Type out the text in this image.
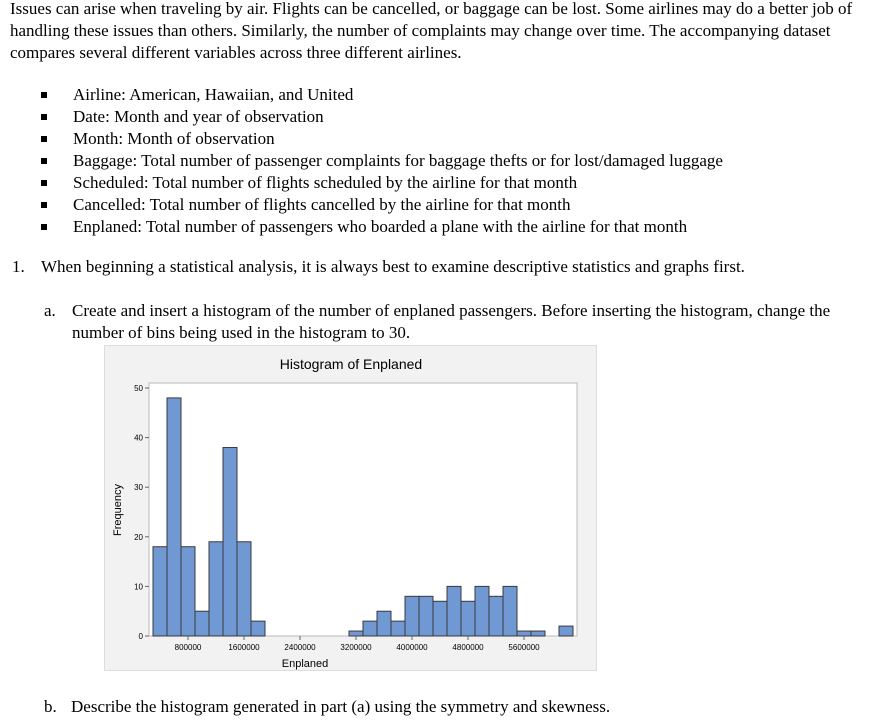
Issues can arise when traveling by air. Flights can be cancelled, or baggage can be lost. Some airlines may do a better job of handling these issues than others. Similarly, the number of complaints may change over time. The accompanying dataset compares several different variables across three different airlines.
Airline: American, Hawaiian, and United
Date: Month and year of observation
Month: Month of observation
Baggage: Total number of passenger complaints for baggage thefts or for lost/damaged luggage
Scheduled: Total number of flights scheduled by the airline for that month
Cancelled: Total number of flights cancelled by the airline for that month
Enplaned: Total number of passengers who boarded a plane with the airline for that month
1. When beginning a statistical analysis, it is always best to examine descriptive statistics and graphs first.
a. Create and insert a histogram of the number of enplaned passengers. Before inserting the histogram, change the number of bins being used in the histogram to 30.
Histogram of Enplaned
Enplaned
Frequency
0
10
20
30
40
50
800000	1600000	2400000	3200000	4000000	4800000	5600000
b. Describe the histogram generated in part (a) using the symmetry and skewness.
